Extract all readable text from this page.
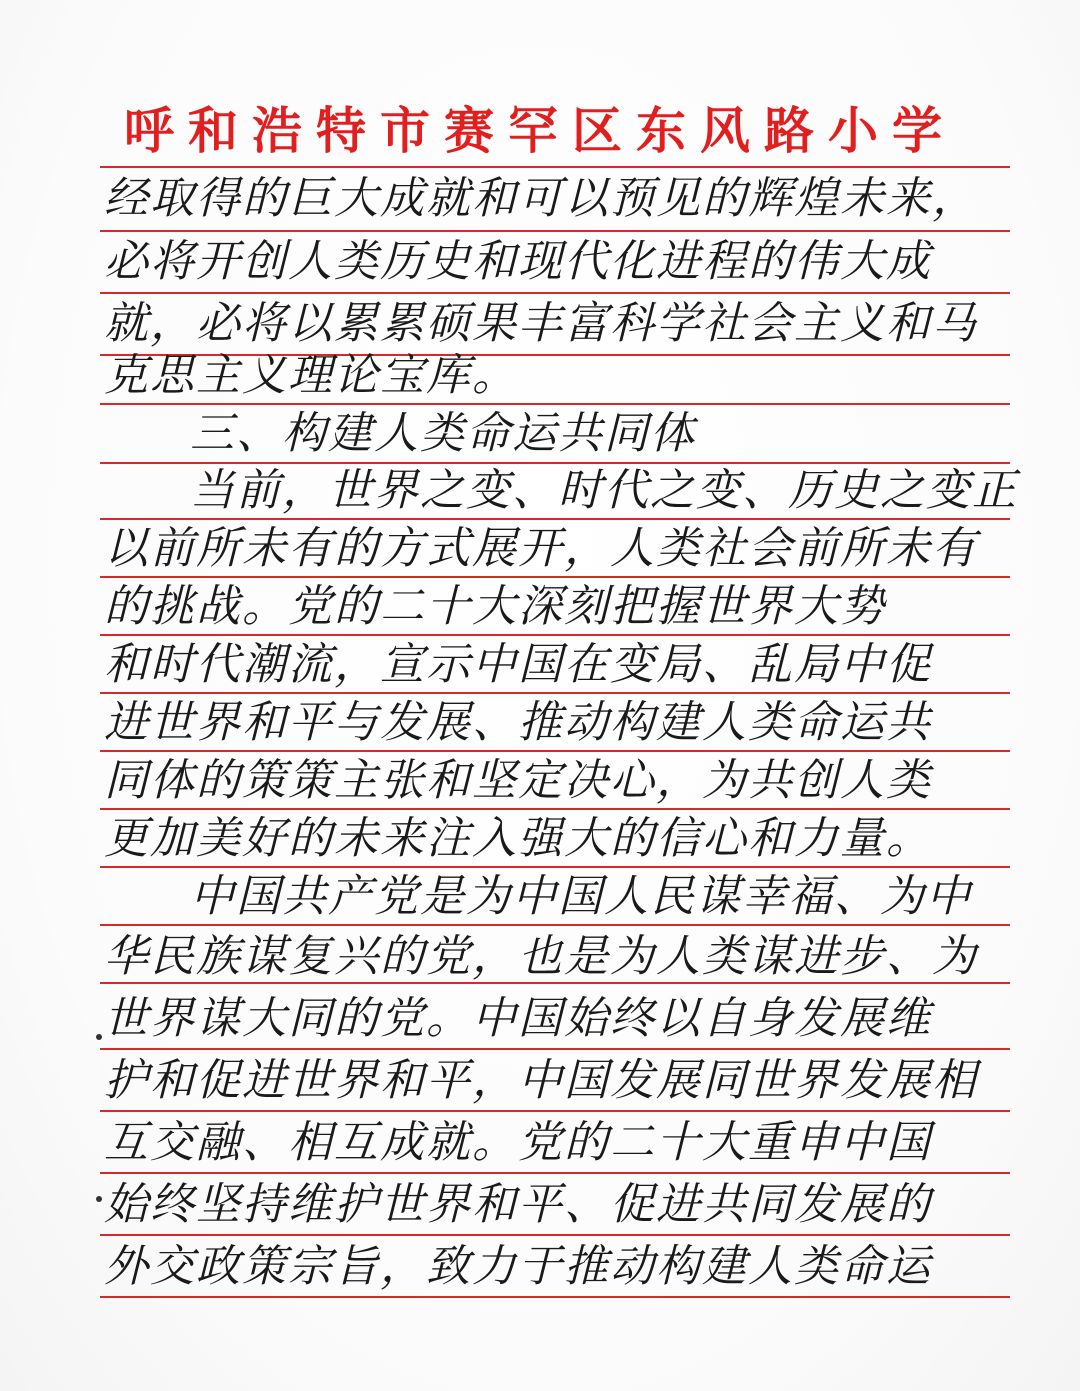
呼和浩特市赛罕区东风路小学
经取得的巨大成就和可以预见的辉煌未来，
必将开创人类历史和现代化进程的伟大成
就，必将以累累硕果丰富科学社会主义和马
克思主义理论宝库。
三、构建人类命运共同体
当前，世界之变、时代之变、历史之变正
以前所未有的方式展开，人类社会前所未有
的挑战。党的二十大深刻把握世界大势
和时代潮流，宣示中国在变局、乱局中促
进世界和平与发展、推动构建人类命运共
同体的策策主张和坚定决心，为共创人类
更加美好的未来注入强大的信心和力量。
中国共产党是为中国人民谋幸福、为中
华民族谋复兴的党，也是为人类谋进步、为
世界谋大同的党。中国始终以自身发展维
护和促进世界和平，中国发展同世界发展相
互交融、相互成就。党的二十大重申中国
始终坚持维护世界和平、促进共同发展的
外交政策宗旨，致力于推动构建人类命运
